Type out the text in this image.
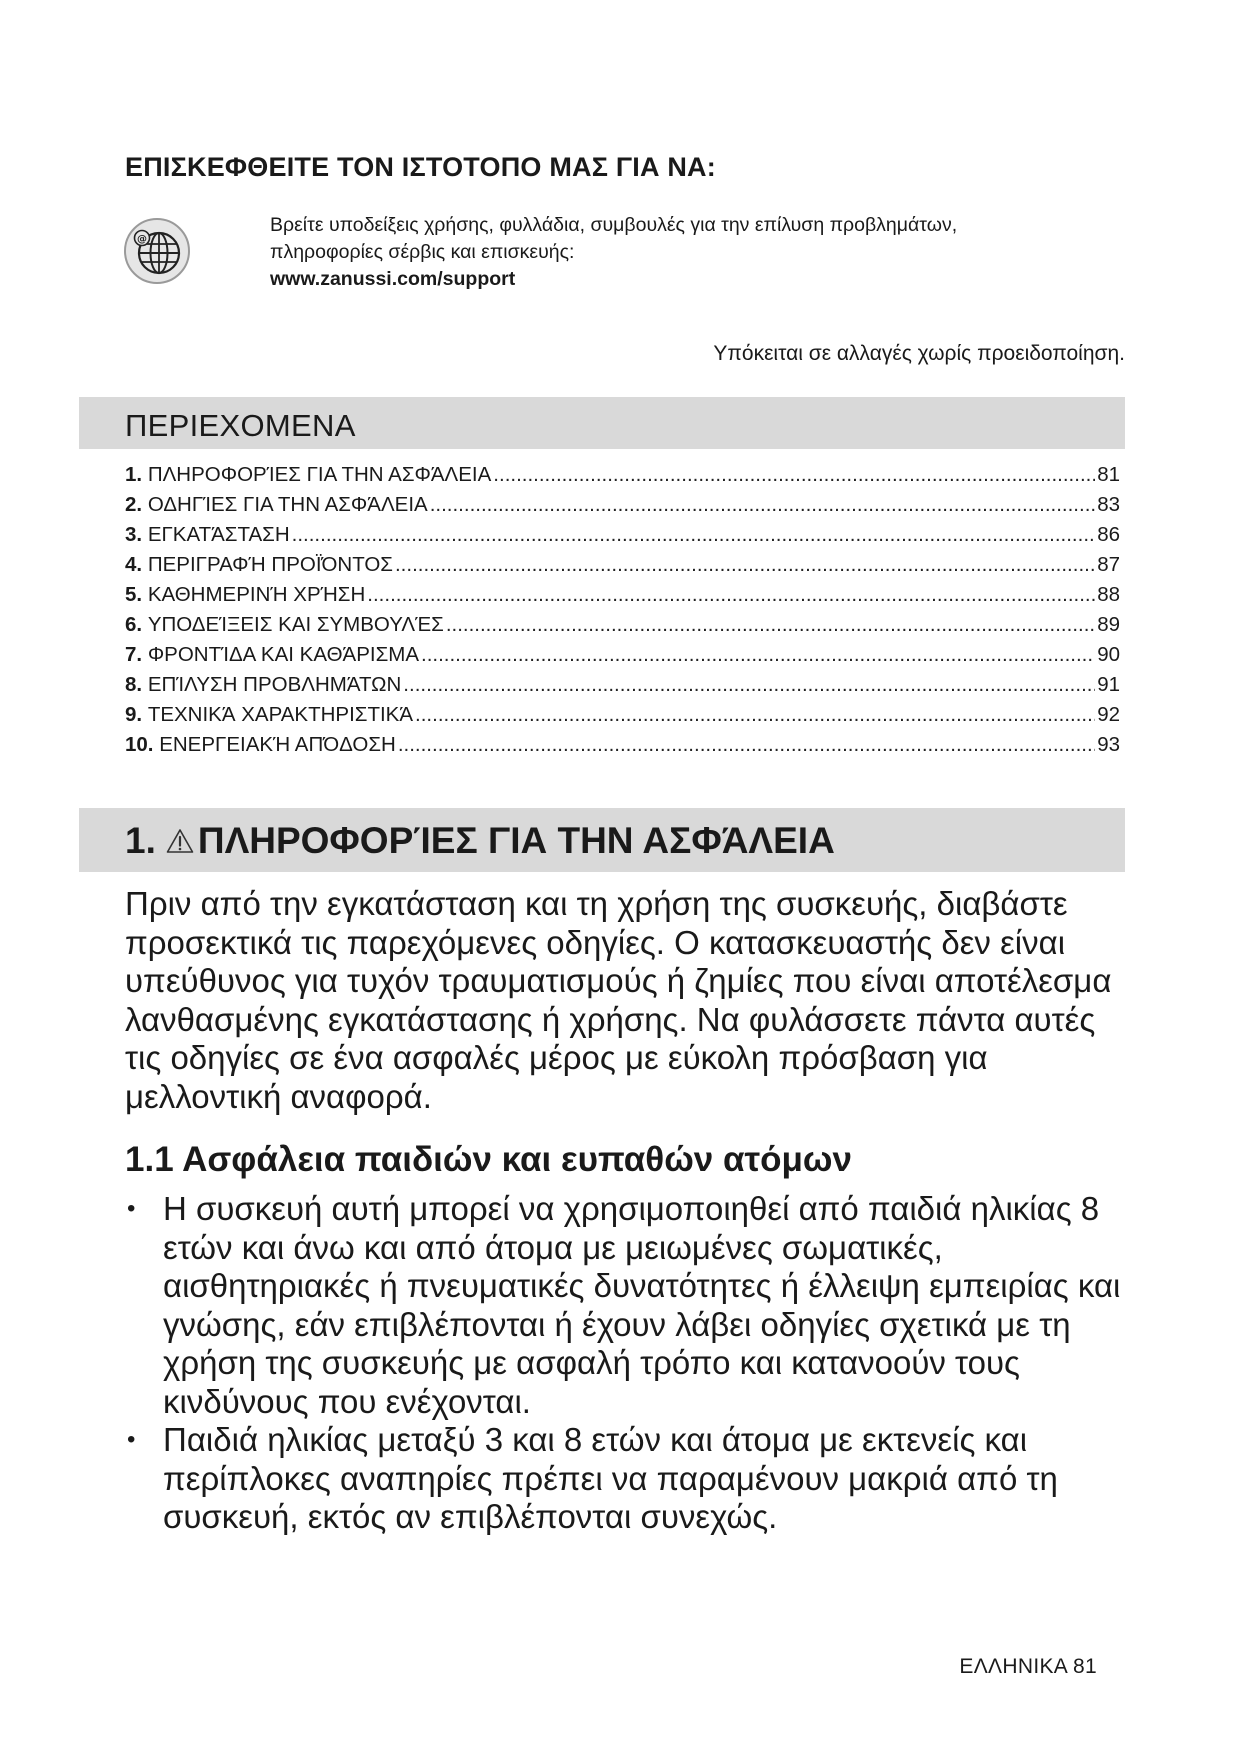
ΕΠΙΣΚΕΦΘΕΙΤΕ ΤΟΝ ΙΣΤΟΤΟΠΟ ΜΑΣ ΓΙΑ ΝΑ:
@
Βρείτε υποδείξεις χρήσης, φυλλάδια, συμβουλές για την επίλυση προβλημάτων,
πληροφορίες σέρβις και επισκευής:
www.zanussi.com/support
Υπόκειται σε αλλαγές χωρίς προειδοποίηση.
ΠΕΡΙΕΧΟΜΕΝΑ
1.
ΠΛΗΡΟΦΟΡΊΕΣ ΓΙΑ ΤΗΝ ΑΣΦΆΛΕΙΑ .....	81
2.
ΟΔΗΓΊΕΣ ΓΙΑ ΤΗΝ ΑΣΦΆΛΕΙΑ .....	83
3.
ΕΓΚΑΤΆΣΤΑΣΗ .....	86
4.
ΠΕΡΙΓΡΑΦΉ ΠΡΟΪΌΝΤΟΣ .....	87
5.
ΚΑΘΗΜΕΡΙΝΉ ΧΡΉΣΗ .....	88
6.
ΥΠΟΔΕΊΞΕΙΣ ΚΑΙ ΣΥΜΒΟΥΛΈΣ .....	89
7.
ΦΡΟΝΤΊΔΑ ΚΑΙ ΚΑΘΆΡΙΣΜΑ .....	90
8.
ΕΠΊΛΥΣΗ ΠΡΟΒΛΗΜΆΤΩΝ .....	91
9.
ΤΕΧΝΙΚΆ ΧΑΡΑΚΤΗΡΙΣΤΙΚΆ .....	92
10.
ΕΝΕΡΓΕΙΑΚΉ ΑΠΌΔΟΣΗ .....	93
1. ΠΛΗΡΟΦΟΡΊΕΣ ΓΙΑ ΤΗΝ ΑΣΦΆΛΕΙΑ

Πριν από την εγκατάσταση και τη χρήση της συσκευής, διαβάστε προσεκτικά τις παρεχόμενες οδηγίες. Ο κατασκευαστής δεν είναι υπεύθυνος για τυχόν τραυματισμούς ή ζημίες που είναι αποτέλεσμα λανθασμένης εγκατάστασης ή χρήσης. Να φυλάσσετε πάντα αυτές τις οδηγίες σε ένα ασφαλές μέρος με εύκολη πρόσβαση για μελλοντική αναφορά.

1.1 Ασφάλεια παιδιών και ευπαθών ατόμων
• Η συσκευή αυτή μπορεί να χρησιμοποιηθεί από παιδιά ηλικίας 8 ετών και άνω και από άτομα με μειωμένες σωματικές, αισθητηριακές ή πνευματικές δυνατότητες ή έλλειψη εμπειρίας και γνώσης, εάν επιβλέπονται ή έχουν λάβει οδηγίες σχετικά με τη χρήση της συσκευής με ασφαλή τρόπο και κατανοούν τους κινδύνους που ενέχονται.
• Παιδιά ηλικίας μεταξύ 3 και 8 ετών και άτομα με εκτενείς και περίπλοκες αναπηρίες πρέπει να παραμένουν μακριά από τη συσκευή, εκτός αν επιβλέπονται συνεχώς.
ΕΛΛΗΝΙΚΑ 81
